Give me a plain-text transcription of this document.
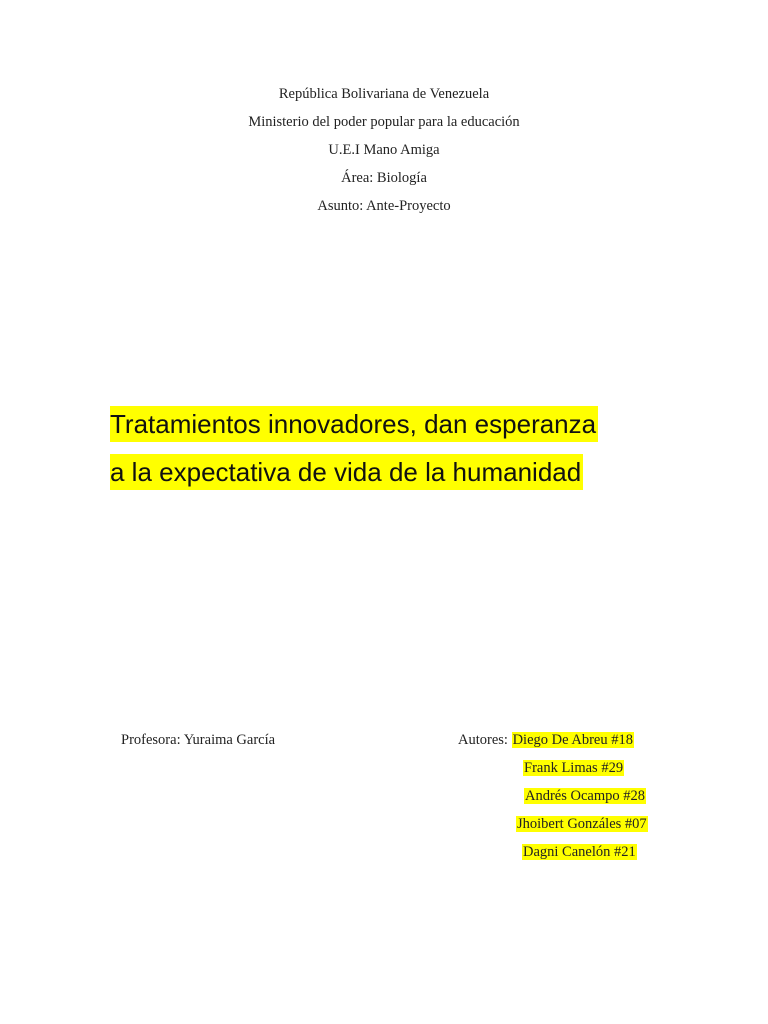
República Bolivariana de Venezuela
Ministerio del poder popular para la educación
U.E.I Mano Amiga
Área: Biología
Asunto: Ante-Proyecto
Tratamientos innovadores, dan esperanza
a la expectativa de vida de la humanidad
Profesora: Yuraima García	Autores: Diego De Abreu #18
Frank Limas #29
Andrés Ocampo #28
Jhoibert Gonzáles #07
Dagni Canelón #21
